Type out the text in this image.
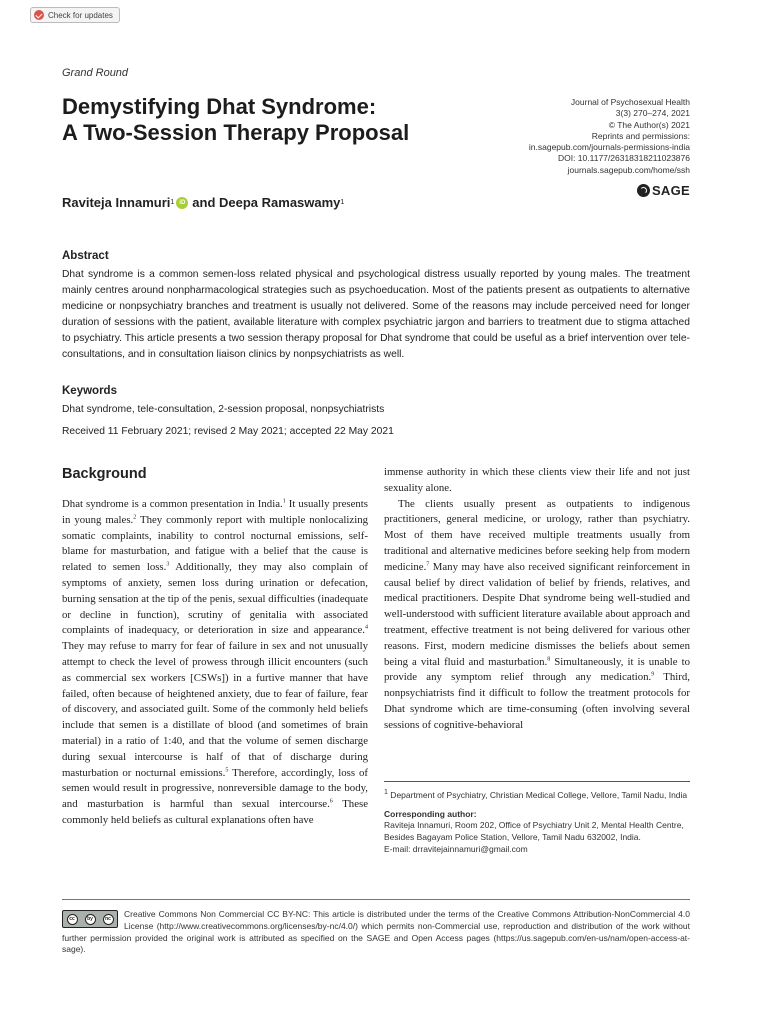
Check for updates
Grand Round
Demystifying Dhat Syndrome:
A Two-Session Therapy Proposal
Journal of Psychosexual Health
3(3) 270–274, 2021
© The Author(s) 2021
Reprints and permissions:
in.sagepub.com/journals-permissions-india
DOI: 10.1177/26318318211023876
journals.sagepub.com/home/ssh
SAGE
Raviteja Innamuri 1 iD and Deepa Ramaswamy 1
Abstract
Dhat syndrome is a common semen-loss related physical and psychological distress usually reported by young males. The treatment mainly centres around nonpharmacological strategies such as psychoeducation. Most of the patients present as outpatients to alternative medicine or nonpsychiatry branches and treatment is usually not delivered. Some of the reasons may include perceived need for longer duration of sessions with the patient, available literature with complex psychiatric jargon and barriers to treatment due to stigma attached to psychiatry. This article presents a two session therapy proposal for Dhat syndrome that could be useful as a brief intervention over tele-consultations, and in consultation liaison clinics by nonpsychiatrists as well.
Keywords
Dhat syndrome, tele-consultation, 2-session proposal, nonpsychiatrists
Received 11 February 2021; revised 2 May 2021; accepted 22 May 2021
Background

Dhat syndrome is a common presentation in India.$^1$ It usually presents in young males.$^2$ They commonly report with multiple nonlocalizing somatic complaints, inability to control nocturnal emissions, self-blame for masturbation, and fatigue with a belief that the cause is related to semen loss.$^3$ Additionally, they may also complain of symptoms of anxiety, semen loss during urination or defecation, burning sensation at the tip of the penis, sexual difficulties (inadequate or decline in function), scrutiny of genitalia with associated complaints of inadequacy, or deterioration in size and appearance.$^4$ They may refuse to marry for fear of failure in sex and not unusually attempt to check the level of prowess through illicit encounters (such as commercial sex workers [CSWs]) in a furtive manner that have failed, often because of heightened anxiety, due to fear of failure, fear of discovery, and associated guilt. Some of the commonly held beliefs include that semen is a distillate of blood (and sometimes of brain material) in a ratio of 1:40, and that the volume of semen discharge during sexual intercourse is half of that of discharge during masturbation or nocturnal emissions.$^5$ Therefore, accordingly, loss of semen would result in progressive, nonreversible damage to the body, and masturbation is harmful than sexual intercourse.$^6$ These commonly held beliefs as cultural explanations often have

immense authority in which these clients view their life and not just sexuality alone.

The clients usually present as outpatients to indigenous practitioners, general medicine, or urology, rather than psychiatry. Most of them have received multiple treatments usually from traditional and alternative medicines before seeking help from modern medicine.$^7$ Many may have also received significant reinforcement in causal belief by direct validation of belief by friends, relatives, and medical practitioners. Despite Dhat syndrome being well-studied and well-understood with sufficient literature available about approach and treatment, effective treatment is not being delivered for various other reasons. First, modern medicine dismisses the beliefs about semen being a vital fluid and masturbation.$^8$ Simultaneously, it is unable to provide any symptom relief through any medication.$^9$ Third, nonpsychiatrists find it difficult to follow the treatment protocols for Dhat syndrome which are time-consuming (often involving several sessions of cognitive-behavioral

$^1$ Department of Psychiatry, Christian Medical College, Vellore, Tamil Nadu, India

Corresponding author:

Raviteja Innamuri, Room 202, Office of Psychiatry Unit 2, Mental Health Centre, Besides Bagayam Police Station, Vellore, Tamil Nadu 632002, India.

E-mail: drravitejainnamuri@gmail.com

cc	by	nc	Creative Commons Non Commercial CC BY-NC: This article is distributed under the terms of the Creative Commons Attribution-NonCommercial 4.0 License (http://www.creativecommons.org/licenses/by-nc/4.0/) which permits non-Commercial use, reproduction and distribution of the work without further permission provided the original work is attributed as specified on the SAGE and Open Access pages (https://us.sagepub.com/en-us/nam/open-access-at-sage).
